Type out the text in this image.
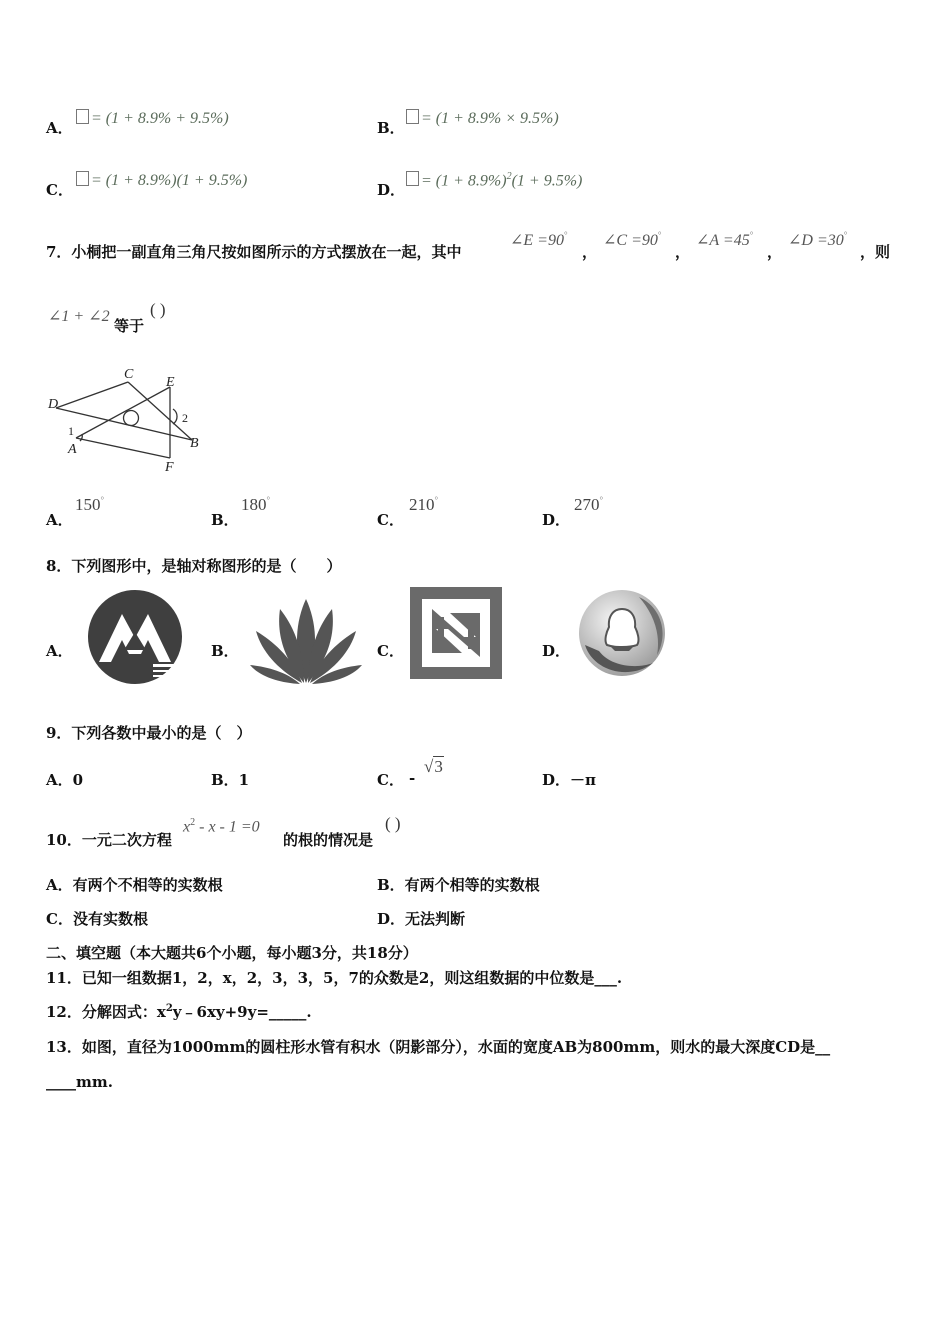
A．
= (1 + 8.9% + 9.5%)
B．
= (1 + 8.9% × 9.5%)
C．
= (1 + 8.9%)(1 + 9.5%)
D．
= $(1 + 8.9\%)^2(1 + 9.5\%)$
7．小桐把一副直角三角尺按如图所示的方式摆放在一起，其中
∠E =90°
，
∠C =90°
，
∠A =45°
，
∠D =30°
，则
∠1 + ∠2
等于
( )
C
E
D
A	B
F
1
2
A．
150°
B．
180°
C．
210°
D．
270°
8．下列图形中，是轴对称图形的是（　　）
A．	B．	C．	D．
9．下列各数中最小的是（　）
A．0	B．1	C． -
√3
D．－π
10．一元二次方程
$x^2 - x - 1 =0$
的根的情况是
( )
A．有两个不相等的实数根	B．有两个相等的实数根
C．没有实数根	D．无法判断
二、填空题（本大题共6个小题，每小题3分，共18分）
11．已知一组数据1，2，x，2，3，3，5，7的众数是2，则这组数据的中位数是___.
12．分解因式：$x^2y﹣6xy+9y=\_\_\_\_\_$.
13．如图，直径为1000mm的圆柱形水管有积水（阴影部分），水面的宽度AB为800mm，则水的最大深度CD是__
____mm.
